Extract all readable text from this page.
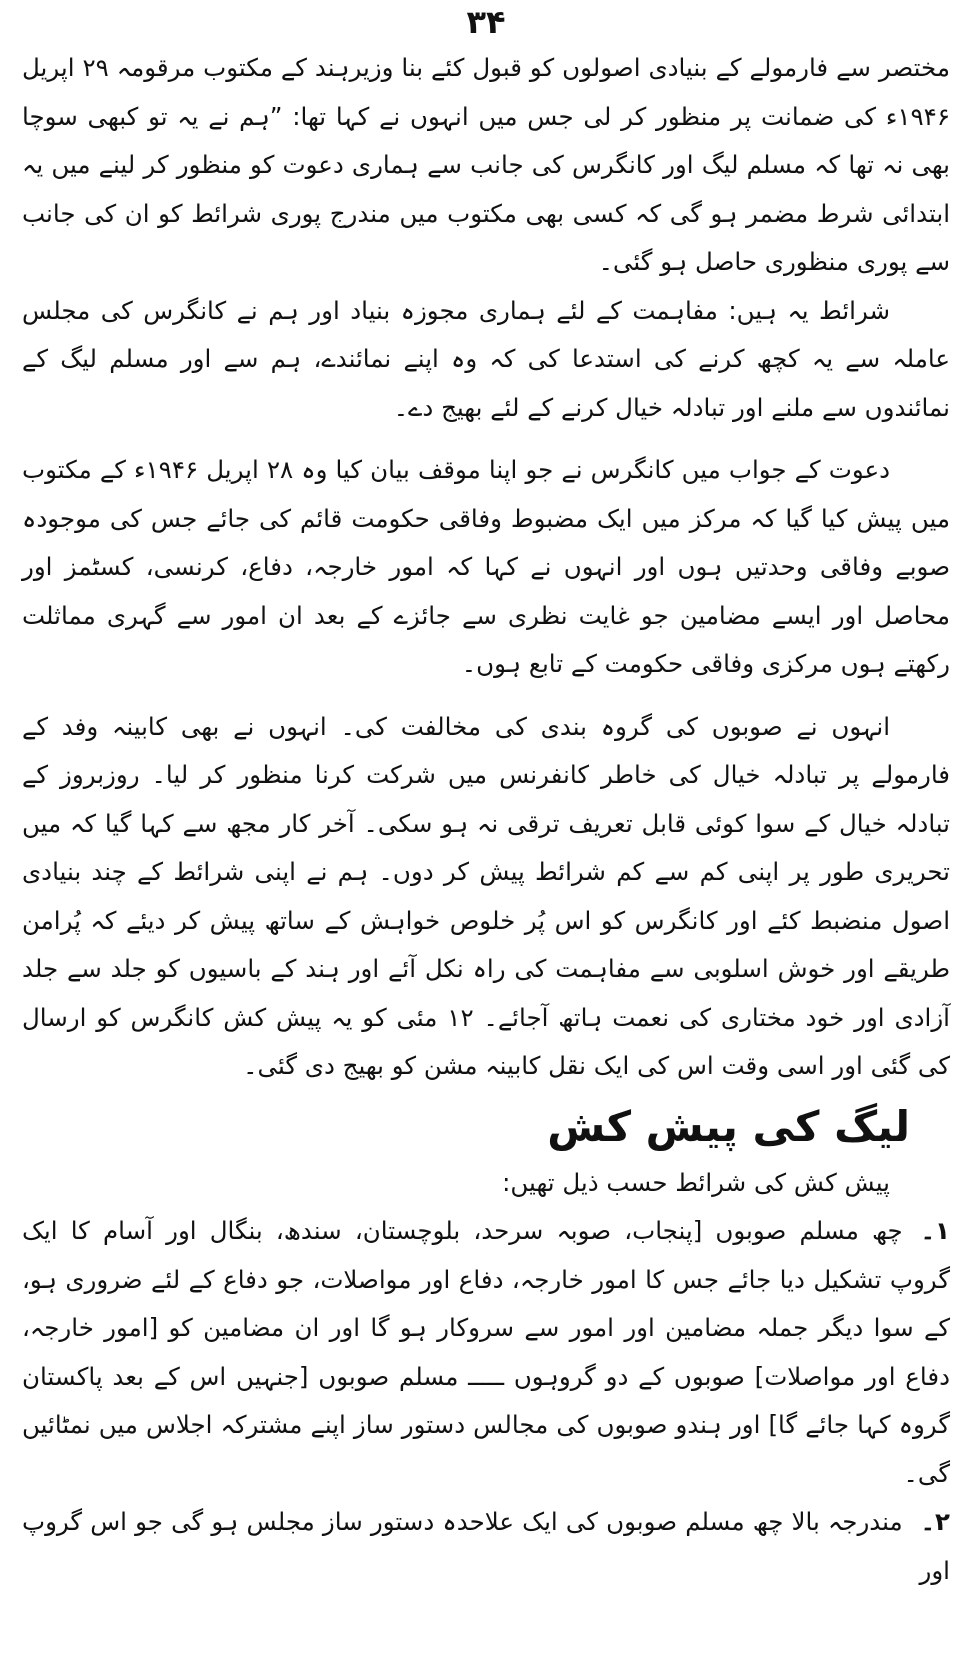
۳۴

مختصر سے فارمولے کے بنیادی اصولوں کو قبول کئے بنا وزیرہند کے مکتوب مرقومہ ۲۹ اپریل ۱۹۴۶ء کی ضمانت پر منظور کر لی جس میں انہوں نے کہا تھا: ”ہم نے یہ تو کبھی سوچا بھی نہ تھا کہ مسلم لیگ اور کانگرس کی جانب سے ہماری دعوت کو منظور کر لینے میں یہ ابتدائی شرط مضمر ہو گی کہ کسی بھی مکتوب میں مندرج پوری شرائط کو ان کی جانب سے پوری منظوری حاصل ہو گئی۔

شرائط یہ ہیں: مفاہمت کے لئے ہماری مجوزہ بنیاد اور ہم نے کانگرس کی مجلس عاملہ سے یہ کچھ کرنے کی استدعا کی کہ وہ اپنے نمائندے، ہم سے اور مسلم لیگ کے نمائندوں سے ملنے اور تبادلہ خیال کرنے کے لئے بھیج دے۔

دعوت کے جواب میں کانگرس نے جو اپنا موقف بیان کیا وہ ۲۸ اپریل ۱۹۴۶ء کے مکتوب میں پیش کیا گیا کہ مرکز میں ایک مضبوط وفاقی حکومت قائم کی جائے جس کی موجودہ صوبے وفاقی وحدتیں ہوں اور انہوں نے کہا کہ امور خارجہ، دفاع، کرنسی، کسٹمز اور محاصل اور ایسے مضامین جو غایت نظری سے جائزے کے بعد ان امور سے گہری مماثلت رکھتے ہوں مرکزی وفاقی حکومت کے تابع ہوں۔

انہوں نے صوبوں کی گروہ بندی کی مخالفت کی۔ انہوں نے بھی کابینہ وفد کے فارمولے پر تبادلہ خیال کی خاطر کانفرنس میں شرکت کرنا منظور کر لیا۔ روزبروز کے تبادلہ خیال کے سوا کوئی قابل تعریف ترقی نہ ہو سکی۔ آخر کار مجھ سے کہا گیا کہ میں تحریری طور پر اپنی کم سے کم شرائط پیش کر دوں۔ ہم نے اپنی شرائط کے چند بنیادی اصول منضبط کئے اور کانگرس کو اس پُر خلوص خواہش کے ساتھ پیش کر دیئے کہ پُرامن طریقے اور خوش اسلوبی سے مفاہمت کی راہ نکل آئے اور ہند کے باسیوں کو جلد سے جلد آزادی اور خود مختاری کی نعمت ہاتھ آجائے۔ ۱۲ مئی کو یہ پیش کش کانگرس کو ارسال کی گئی اور اسی وقت اس کی ایک نقل کابینہ مشن کو بھیج دی گئی۔

لیگ کی پیش کش

پیش کش کی شرائط حسب ذیل تھیں:

۱۔چھ مسلم صوبوں [پنجاب، صوبہ سرحد، بلوچستان، سندھ، بنگال اور آسام کا ایک گروپ تشکیل دیا جائے جس کا امور خارجہ، دفاع اور مواصلات، جو دفاع کے لئے ضروری ہو، کے سوا دیگر جملہ مضامین اور امور سے سروکار ہو گا اور ان مضامین کو [امور خارجہ، دفاع اور مواصلات] صوبوں کے دو گروہوں ـــــ مسلم صوبوں [جنہیں اس کے بعد پاکستان گروہ کہا جائے گا] اور ہندو صوبوں کی مجالس دستور ساز اپنے مشترکہ اجلاس میں نمٹائیں گی۔

۲۔مندرجہ بالا چھ مسلم صوبوں کی ایک علاحدہ دستور ساز مجلس ہو گی جو اس گروپ اور
